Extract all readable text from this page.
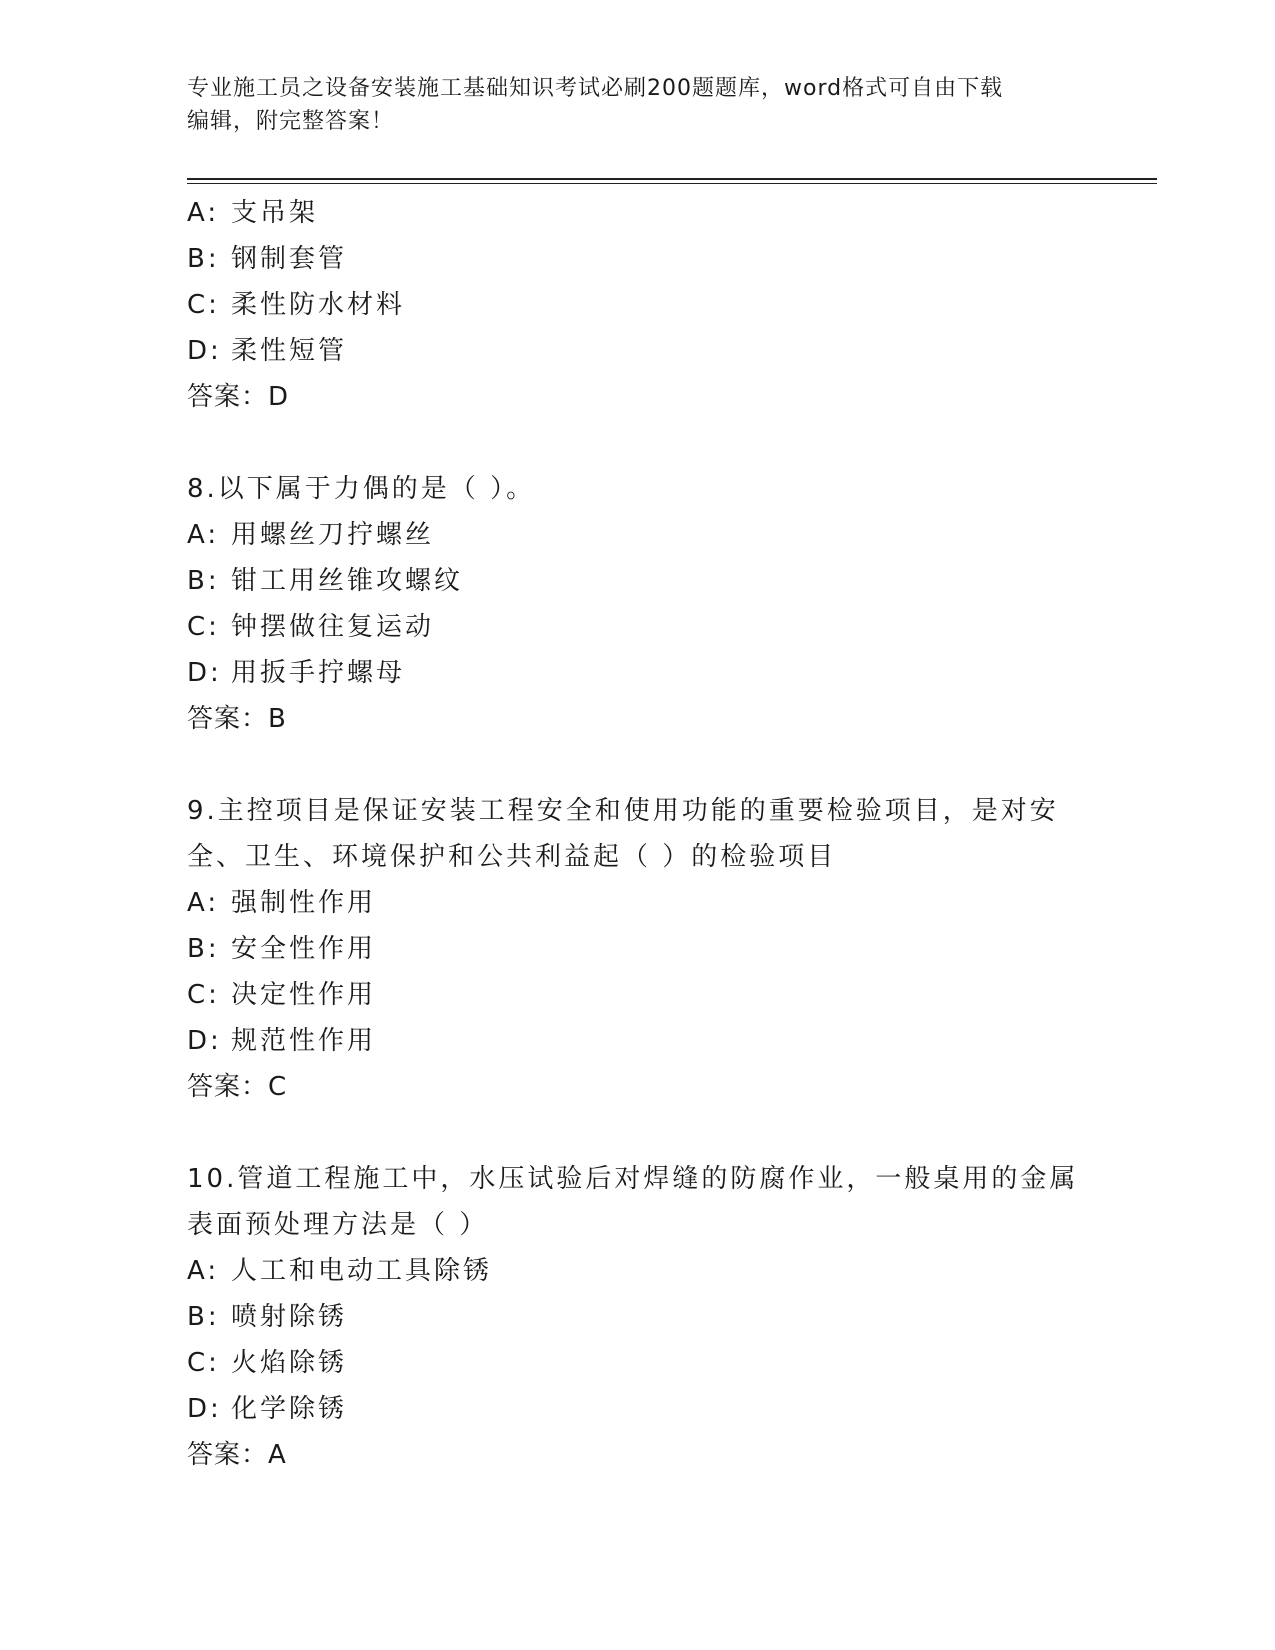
专业施工员之设备安装施工基础知识考试必刷200题题库，word格式可自由下载
编辑，附完整答案！
A: 支吊架
B: 钢制套管
C: 柔性防水材料
D: 柔性短管
答案：D
8.以下属于力偶的是（ ）。
A: 用螺丝刀拧螺丝
B: 钳工用丝锥攻螺纹
C: 钟摆做往复运动
D: 用扳手拧螺母
答案：B
9.主控项目是保证安装工程安全和使用功能的重要检验项目，是对安
全、卫生、环境保护和公共利益起（ ）的检验项目
A: 强制性作用
B: 安全性作用
C: 决定性作用
D: 规范性作用
答案：C
10.管道工程施工中，水压试验后对焊缝的防腐作业，一般桌用的金属
表面预处理方法是（ ）
A: 人工和电动工具除锈
B: 喷射除锈
C: 火焰除锈
D: 化学除锈
答案：A
